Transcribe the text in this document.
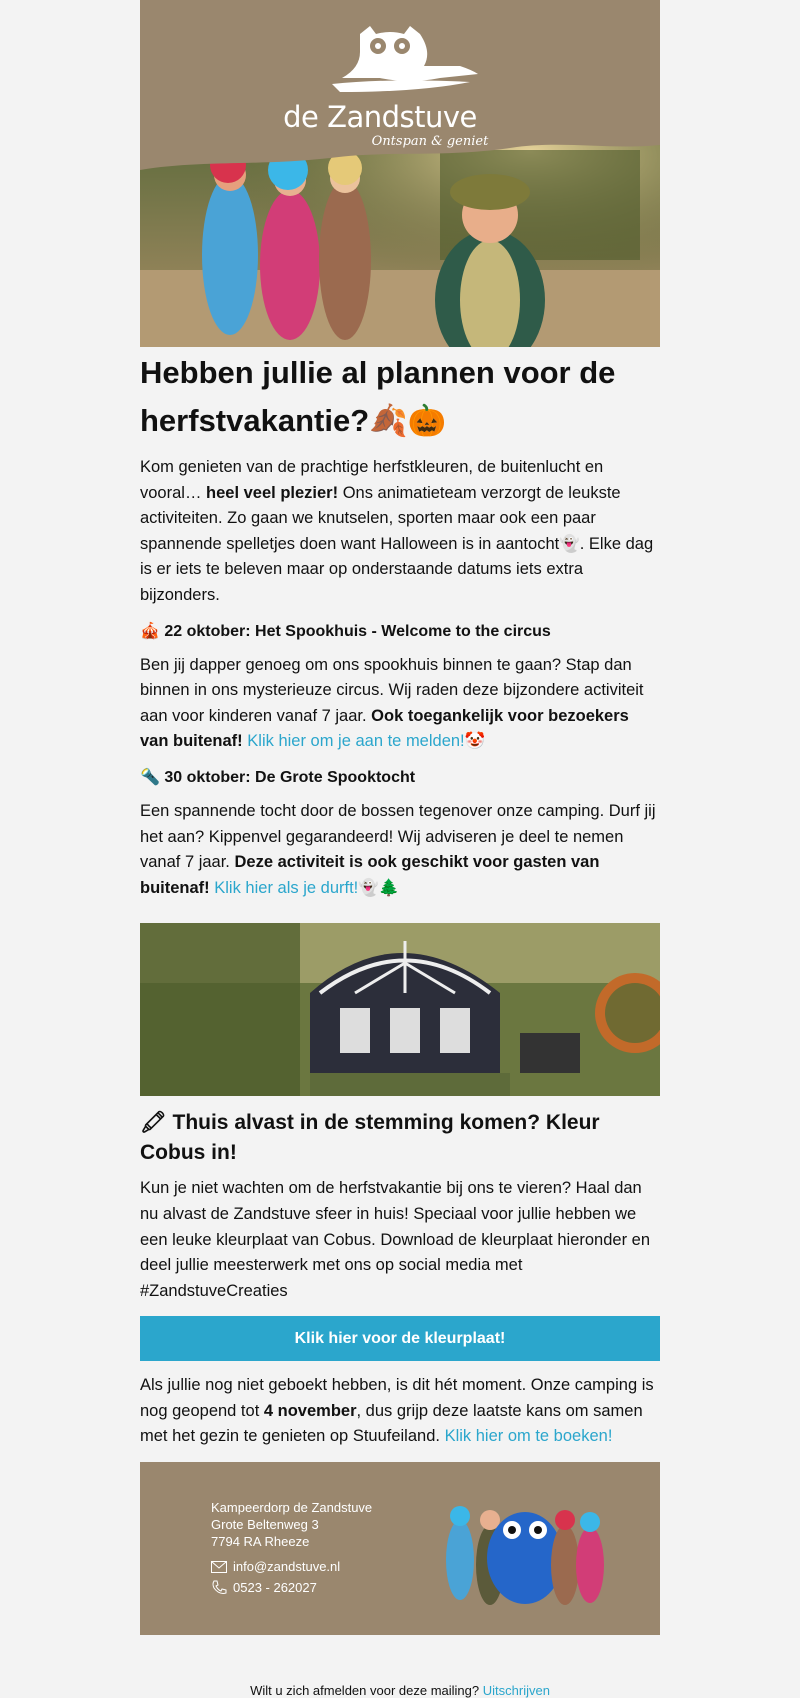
de Zandstuve
Ontspan & geniet
Hebben jullie al plannen voor de herfstvakantie?🍂🎃

Kom genieten van de prachtige herfstkleuren, de buitenlucht en vooral… heel veel plezier! Ons animatieteam verzorgt de leukste activiteiten. Zo gaan we knutselen, sporten maar ook een paar spannende spelletjes doen want Halloween is in aantocht👻. Elke dag is er iets te beleven maar op onderstaande datums iets extra bijzonders.

🎪 22 oktober: Het Spookhuis - Welcome to the circus

Ben jij dapper genoeg om ons spookhuis binnen te gaan? Stap dan binnen in ons mysterieuze circus. Wij raden deze bijzondere activiteit aan voor kinderen vanaf 7 jaar. Ook toegankelijk voor bezoekers van buitenaf! Klik hier om je aan te melden!🤡

🔦 30 oktober: De Grote Spooktocht

Een spannende tocht door de bossen tegenover onze camping. Durf jij het aan? Kippenvel gegarandeerd! Wij adviseren je deel te nemen vanaf 7 jaar. Deze activiteit is ook geschikt voor gasten van buitenaf! Klik hier als je durft!👻🌲

🖍 Thuis alvast in de stemming komen? Kleur Cobus in!

Kun je niet wachten om de herfstvakantie bij ons te vieren? Haal dan nu alvast de Zandstuve sfeer in huis! Speciaal voor jullie hebben we een leuke kleurplaat van Cobus. Download de kleurplaat hieronder en deel jullie meesterwerk met ons op social media met #ZandstuveCreaties

Klik hier voor de kleurplaat!

Als jullie nog niet geboekt hebben, is dit hét moment. Onze camping is nog geopend tot 4 november, dus grijp deze laatste kans om samen met het gezin te genieten op Stuufeiland. Klik hier om te boeken!

Kampeerdorp de Zandstuve
Grote Beltenweg 3
7794 RA Rheeze
info@zandstuve.nl
0523 - 262027
Wilt u zich afmelden voor deze mailing? Uitschrijven
